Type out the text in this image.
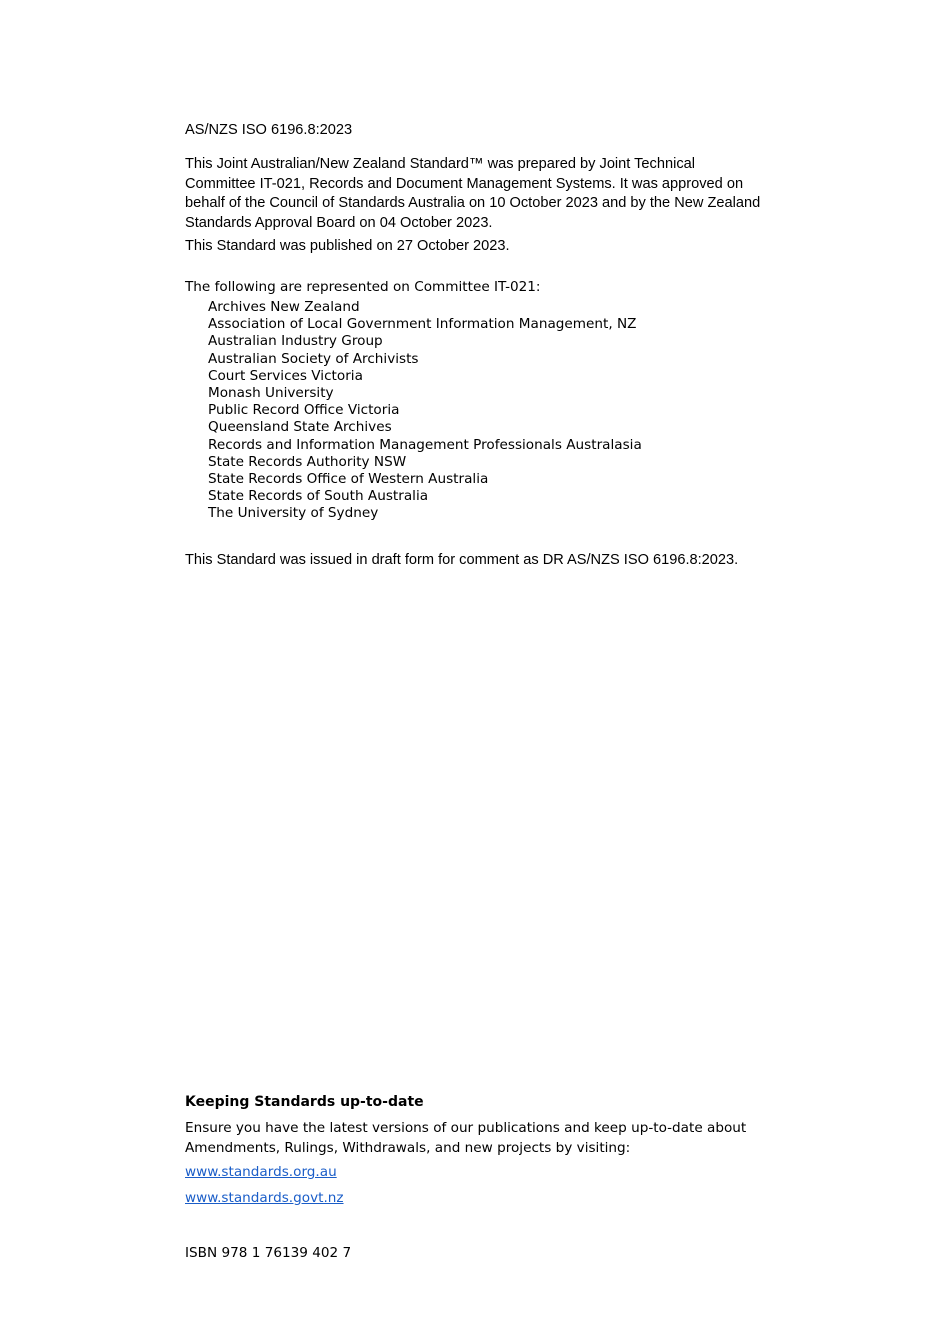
AS/NZS ISO 6196.8:2023
This Joint Australian/New Zealand Standard™ was prepared by Joint Technical Committee IT-021, Records and Document Management Systems. It was approved on behalf of the Council of Standards Australia on 10 October 2023 and by the New Zealand Standards Approval Board on 04 October 2023.
This Standard was published on 27 October 2023.
The following are represented on Committee IT-021:
Archives New Zealand
Association of Local Government Information Management, NZ
Australian Industry Group
Australian Society of Archivists
Court Services Victoria
Monash University
Public Record Office Victoria
Queensland State Archives
Records and Information Management Professionals Australasia
State Records Authority NSW
State Records Office of Western Australia
State Records of South Australia
The University of Sydney
This Standard was issued in draft form for comment as DR AS/NZS ISO 6196.8:2023.
Keeping Standards up-to-date
Ensure you have the latest versions of our publications and keep up-to-date about Amendments, Rulings, Withdrawals, and new projects by visiting:
www.standards.org.au
www.standards.govt.nz
ISBN 978 1 76139 402 7
